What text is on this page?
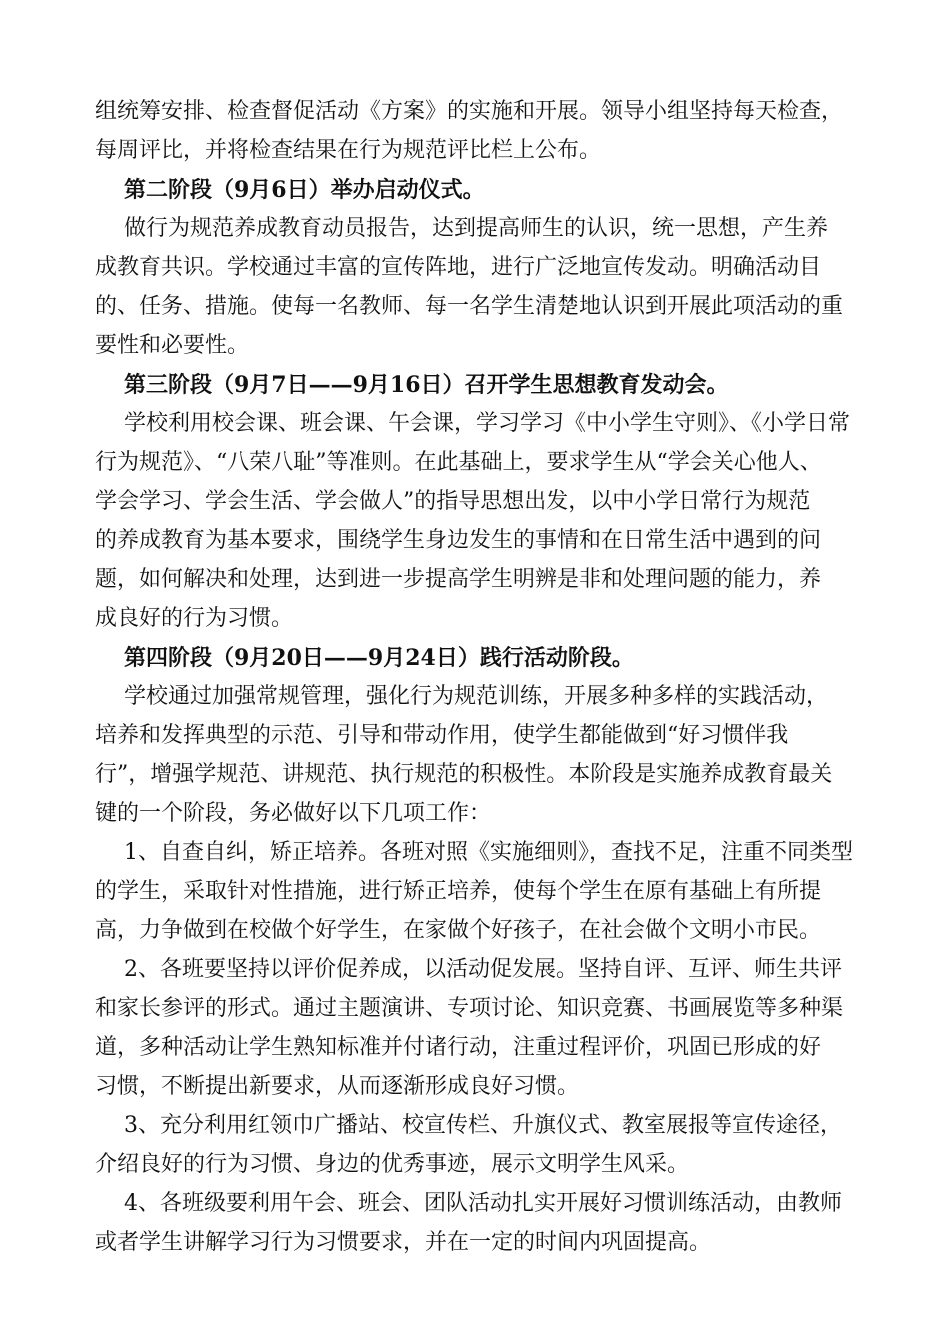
组统筹安排、检查督促活动《方案》的实施和开展。领导小组坚持每天检查，
每周评比，并将检查结果在行为规范评比栏上公布。
第二阶段（9月6日）举办启动仪式。
做行为规范养成教育动员报告，达到提高师生的认识，统一思想，产生养
成教育共识。学校通过丰富的宣传阵地，进行广泛地宣传发动。明确活动目
的、任务、措施。使每一名教师、每一名学生清楚地认识到开展此项活动的重
要性和必要性。
第三阶段（9月7日——9月16日）召开学生思想教育发动会。
学校利用校会课、班会课、午会课，学习学习《中小学生守则》、《小学日常
行为规范》、“八荣八耻”等准则。在此基础上，要求学生从“学会关心他人、
学会学习、学会生活、学会做人”的指导思想出发，以中小学日常行为规范
的养成教育为基本要求，围绕学生身边发生的事情和在日常生活中遇到的问
题，如何解决和处理，达到进一步提高学生明辨是非和处理问题的能力，养
成良好的行为习惯。
第四阶段（9月20日——9月24日）践行活动阶段。
学校通过加强常规管理，强化行为规范训练，开展多种多样的实践活动，
培养和发挥典型的示范、引导和带动作用，使学生都能做到“好习惯伴我
行”，增强学规范、讲规范、执行规范的积极性。本阶段是实施养成教育最关
键的一个阶段，务必做好以下几项工作：
1、自查自纠，矫正培养。各班对照《实施细则》，查找不足，注重不同类型
的学生，采取针对性措施，进行矫正培养，使每个学生在原有基础上有所提
高，力争做到在校做个好学生，在家做个好孩子，在社会做个文明小市民。
2、各班要坚持以评价促养成，以活动促发展。坚持自评、互评、师生共评
和家长参评的形式。通过主题演讲、专项讨论、知识竞赛、书画展览等多种渠
道，多种活动让学生熟知标准并付诸行动，注重过程评价，巩固已形成的好
习惯，不断提出新要求，从而逐渐形成良好习惯。
3、充分利用红领巾广播站、校宣传栏、升旗仪式、教室展报等宣传途径，
介绍良好的行为习惯、身边的优秀事迹，展示文明学生风采。
4、各班级要利用午会、班会、团队活动扎实开展好习惯训练活动，由教师
或者学生讲解学习行为习惯要求，并在一定的时间内巩固提高。
